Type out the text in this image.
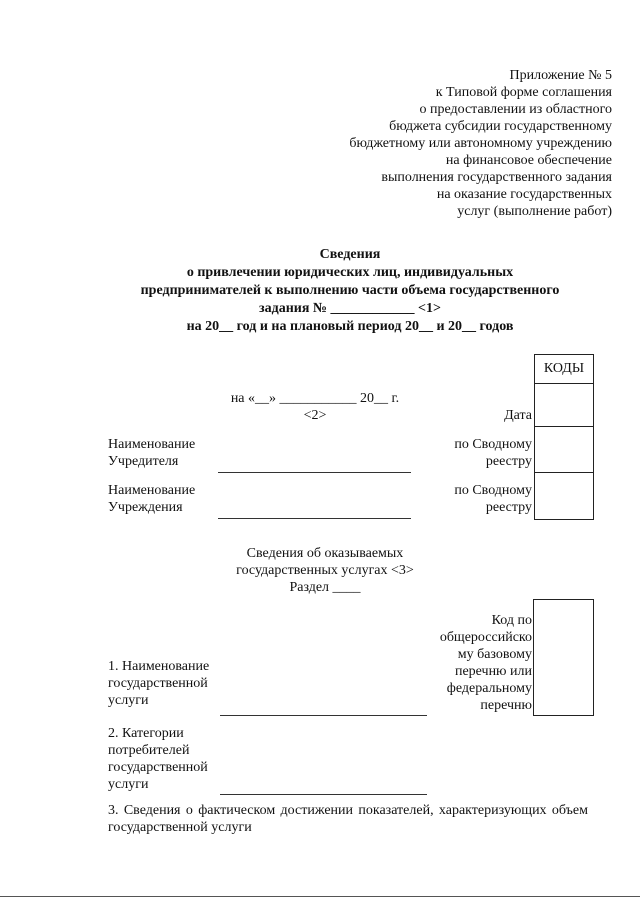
Приложение № 5
к Типовой форме соглашения
о предоставлении из областного
бюджета субсидии государственному
бюджетному или автономному учреждению
на финансовое обеспечение
выполнения государственного задания
на оказание государственных
услуг (выполнение работ)
Сведения
о привлечении юридических лиц, индивидуальных
предпринимателей к выполнению части объема государственного
задания № ____________ <1>
на 20__ год и на плановый период 20__ и 20__ годов
КОДЫ
на «__» ___________ 20__ г.
<2>	Дата
Наименование
Учредителя
по Сводному
реестру
Наименование
Учреждения
по Сводному
реестру
Сведения об оказываемых
государственных услугах <3>
Раздел ____
Код по
общероссийско
му базовому
перечню или
федеральному
перечню
1. Наименование
государственной
услуги
2. Категории
потребителей
государственной
услуги
3. Сведения о фактическом достижении показателей, характеризующих объем государственной услуги
